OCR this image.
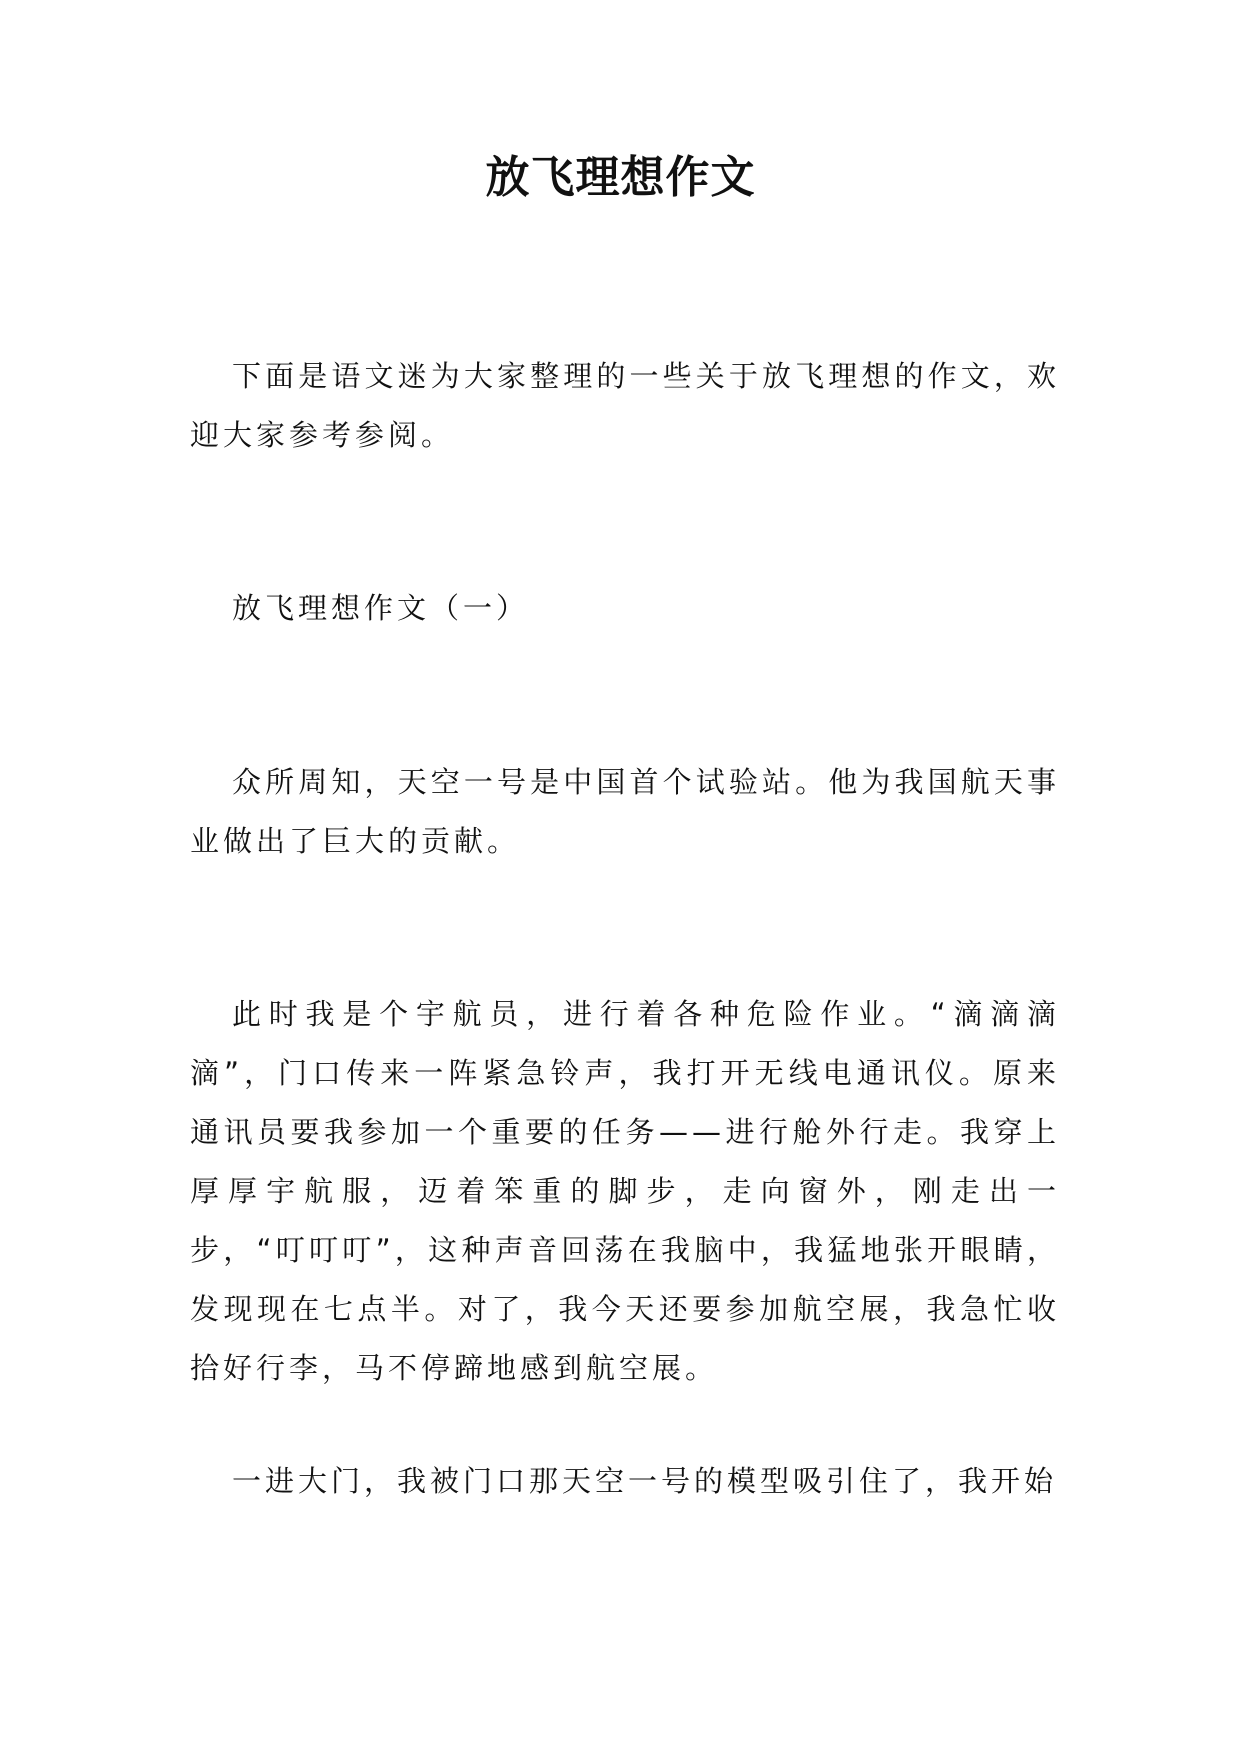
放飞理想作文
下面是语文迷为大家整理的一些关于放飞理想的作文，欢迎大家参考参阅。
放飞理想作文（一）
众所周知，天空一号是中国首个试验站。他为我国航天事业做出了巨大的贡献。
此时我是个宇航员，进行着各种危险作业。“滴滴滴滴”，门口传来一阵紧急铃声，我打开无线电通讯仪。原来通讯员要我参加一个重要的任务——进行舱外行走。我穿上厚厚宇航服，迈着笨重的脚步，走向窗外，刚走出一步，“叮叮叮”，这种声音回荡在我脑中，我猛地张开眼睛，发现现在七点半。对了，我今天还要参加航空展，我急忙收拾好行李，马不停蹄地感到航空展。
一进大门，我被门口那天空一号的模型吸引住了，我开始
